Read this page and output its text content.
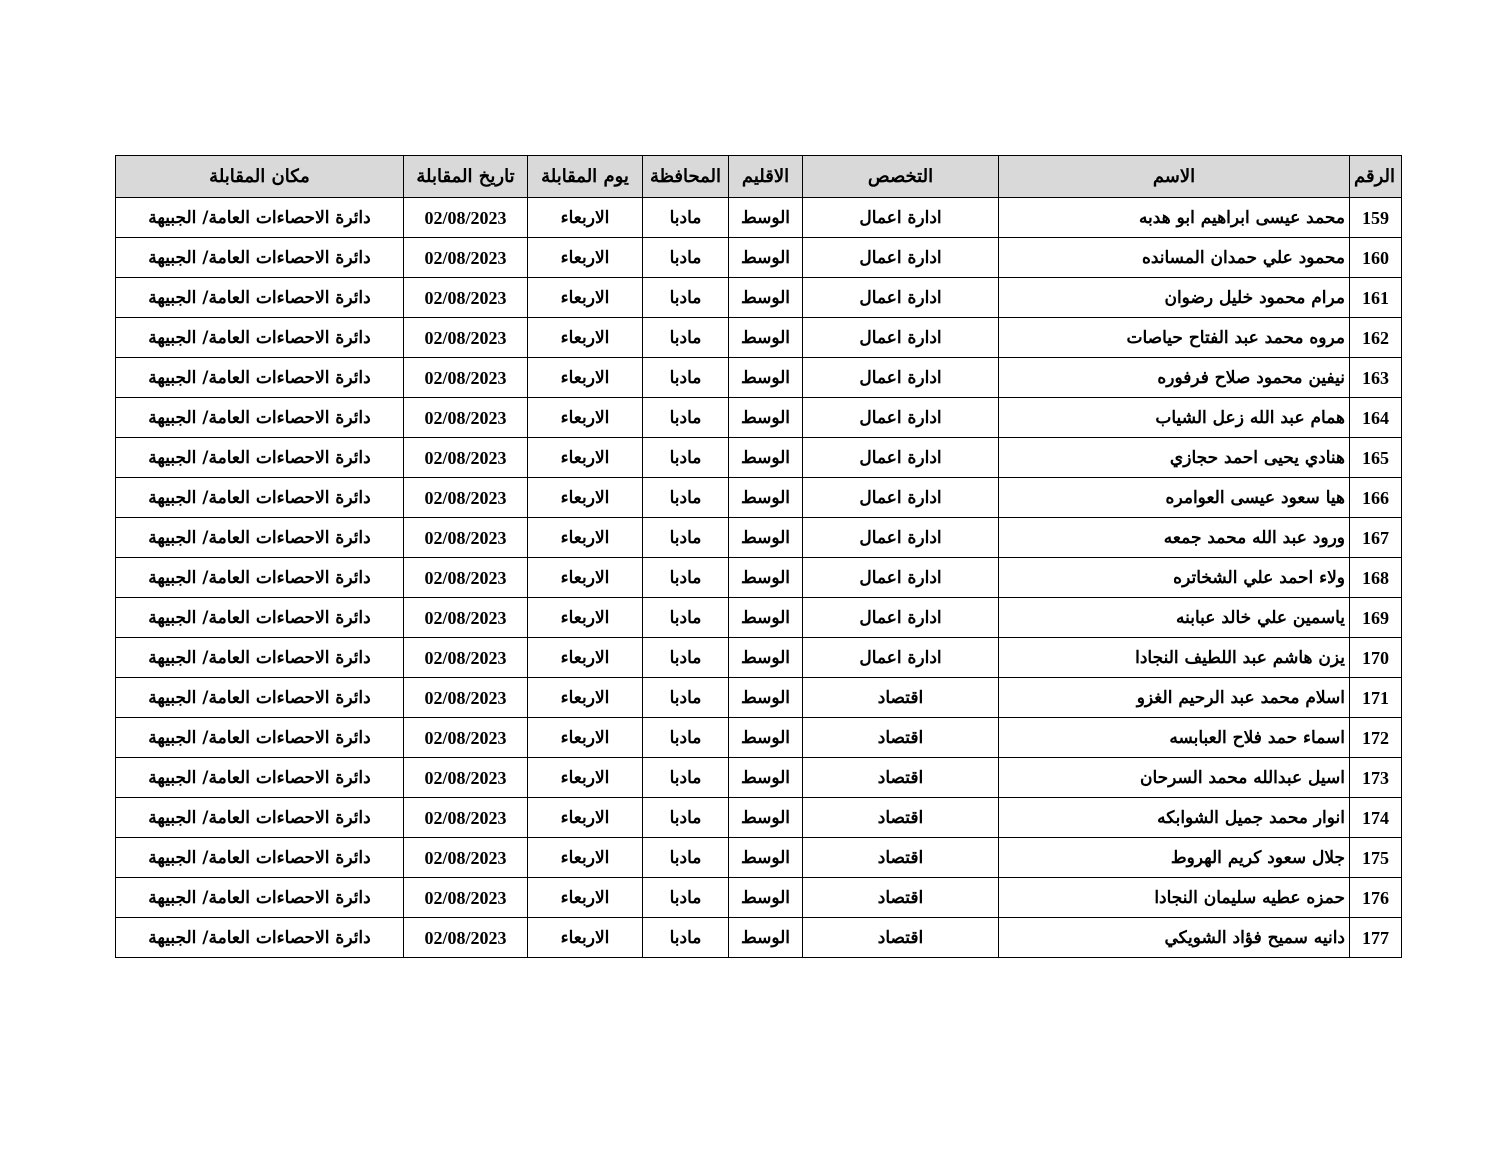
الرقم	الاسم	التخصص	الاقليم	المحافظة	يوم المقابلة	تاريخ المقابلة	مكان المقابلة
159	محمد عيسى ابراهيم ابو هدبه	ادارة اعمال	الوسط	مادبا	الاربعاء	02/08/2023	دائرة الاحصاءات العامة/ الجبيهة
160	محمود علي حمدان المسانده	ادارة اعمال	الوسط	مادبا	الاربعاء	02/08/2023	دائرة الاحصاءات العامة/ الجبيهة
161	مرام محمود خليل رضوان	ادارة اعمال	الوسط	مادبا	الاربعاء	02/08/2023	دائرة الاحصاءات العامة/ الجبيهة
162	مروه محمد عبد الفتاح حياصات	ادارة اعمال	الوسط	مادبا	الاربعاء	02/08/2023	دائرة الاحصاءات العامة/ الجبيهة
163	نيفين محمود صلاح فرفوره	ادارة اعمال	الوسط	مادبا	الاربعاء	02/08/2023	دائرة الاحصاءات العامة/ الجبيهة
164	همام عبد الله زعل الشياب	ادارة اعمال	الوسط	مادبا	الاربعاء	02/08/2023	دائرة الاحصاءات العامة/ الجبيهة
165	هنادي يحيى احمد حجازي	ادارة اعمال	الوسط	مادبا	الاربعاء	02/08/2023	دائرة الاحصاءات العامة/ الجبيهة
166	هيا سعود عيسى العوامره	ادارة اعمال	الوسط	مادبا	الاربعاء	02/08/2023	دائرة الاحصاءات العامة/ الجبيهة
167	ورود عبد الله محمد جمعه	ادارة اعمال	الوسط	مادبا	الاربعاء	02/08/2023	دائرة الاحصاءات العامة/ الجبيهة
168	ولاء احمد علي الشخاتره	ادارة اعمال	الوسط	مادبا	الاربعاء	02/08/2023	دائرة الاحصاءات العامة/ الجبيهة
169	ياسمين علي خالد عبابنه	ادارة اعمال	الوسط	مادبا	الاربعاء	02/08/2023	دائرة الاحصاءات العامة/ الجبيهة
170	يزن هاشم عبد اللطيف النجادا	ادارة اعمال	الوسط	مادبا	الاربعاء	02/08/2023	دائرة الاحصاءات العامة/ الجبيهة
171	اسلام محمد عبد الرحيم الغزو	اقتصاد	الوسط	مادبا	الاربعاء	02/08/2023	دائرة الاحصاءات العامة/ الجبيهة
172	اسماء حمد فلاح العبابسه	اقتصاد	الوسط	مادبا	الاربعاء	02/08/2023	دائرة الاحصاءات العامة/ الجبيهة
173	اسيل عبدالله محمد السرحان	اقتصاد	الوسط	مادبا	الاربعاء	02/08/2023	دائرة الاحصاءات العامة/ الجبيهة
174	انوار محمد جميل الشوابكه	اقتصاد	الوسط	مادبا	الاربعاء	02/08/2023	دائرة الاحصاءات العامة/ الجبيهة
175	جلال سعود كريم الهروط	اقتصاد	الوسط	مادبا	الاربعاء	02/08/2023	دائرة الاحصاءات العامة/ الجبيهة
176	حمزه عطيه سليمان النجادا	اقتصاد	الوسط	مادبا	الاربعاء	02/08/2023	دائرة الاحصاءات العامة/ الجبيهة
177	دانيه سميح فؤاد الشويكي	اقتصاد	الوسط	مادبا	الاربعاء	02/08/2023	دائرة الاحصاءات العامة/ الجبيهة
